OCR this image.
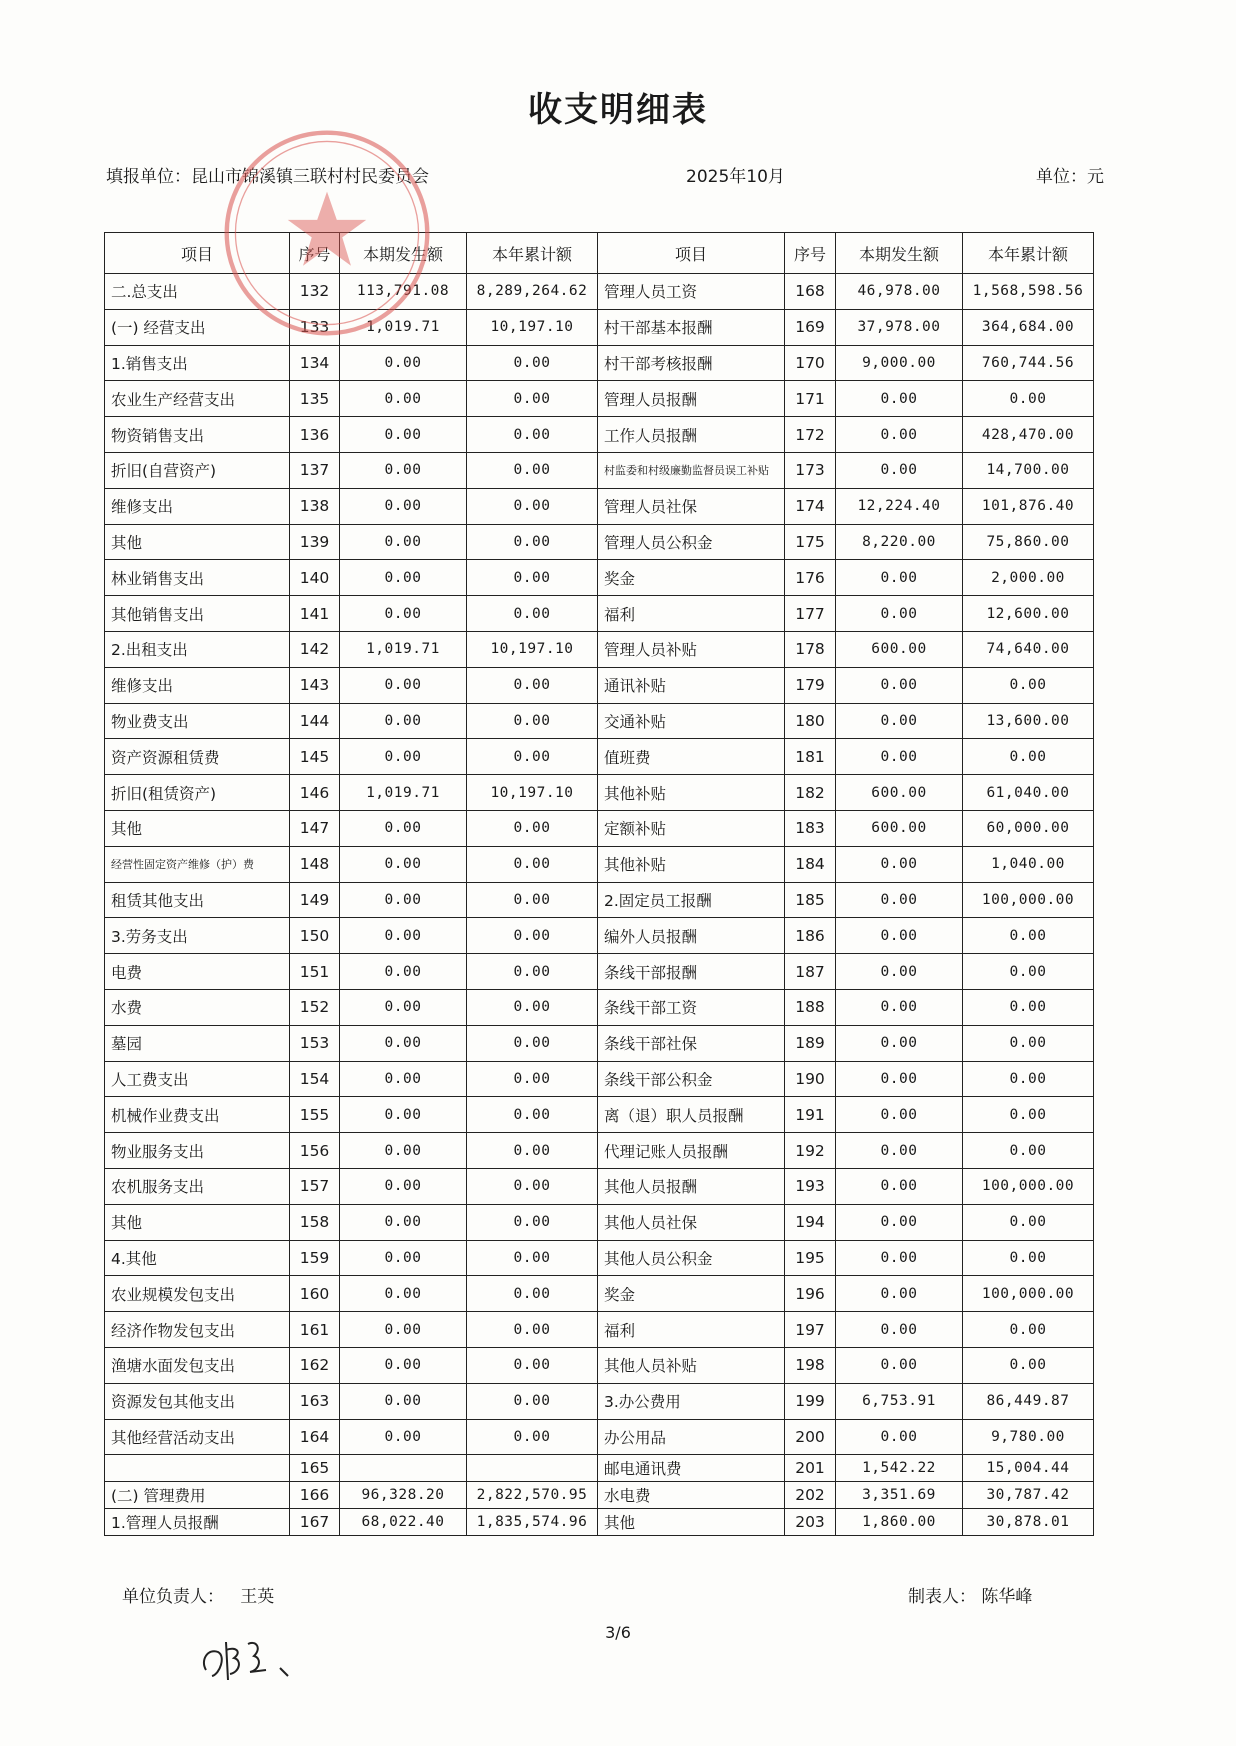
收支明细表
填报单位：昆山市锦溪镇三联村村民委员会	2025年10月	单位：元
项目	序号	本期发生额	本年累计额	项目	序号	本期发生额	本年累计额
二.总支出	132	113,791.08	8,289,264.62	管理人员工资	168	46,978.00	1,568,598.56
(一) 经营支出	133	1,019.71	10,197.10	村干部基本报酬	169	37,978.00	364,684.00
1.销售支出	134	0.00	0.00	村干部考核报酬	170	9,000.00	760,744.56
农业生产经营支出	135	0.00	0.00	管理人员报酬	171	0.00	0.00
物资销售支出	136	0.00	0.00	工作人员报酬	172	0.00	428,470.00
折旧(自营资产)	137	0.00	0.00	村监委和村级廉勤监督员误工补贴	173	0.00	14,700.00
维修支出	138	0.00	0.00	管理人员社保	174	12,224.40	101,876.40
其他	139	0.00	0.00	管理人员公积金	175	8,220.00	75,860.00
林业销售支出	140	0.00	0.00	奖金	176	0.00	2,000.00
其他销售支出	141	0.00	0.00	福利	177	0.00	12,600.00
2.出租支出	142	1,019.71	10,197.10	管理人员补贴	178	600.00	74,640.00
维修支出	143	0.00	0.00	通讯补贴	179	0.00	0.00
物业费支出	144	0.00	0.00	交通补贴	180	0.00	13,600.00
资产资源租赁费	145	0.00	0.00	值班费	181	0.00	0.00
折旧(租赁资产)	146	1,019.71	10,197.10	其他补贴	182	600.00	61,040.00
其他	147	0.00	0.00	定额补贴	183	600.00	60,000.00
经营性固定资产维修（护）费	148	0.00	0.00	其他补贴	184	0.00	1,040.00
租赁其他支出	149	0.00	0.00	2.固定员工报酬	185	0.00	100,000.00
3.劳务支出	150	0.00	0.00	编外人员报酬	186	0.00	0.00
电费	151	0.00	0.00	条线干部报酬	187	0.00	0.00
水费	152	0.00	0.00	条线干部工资	188	0.00	0.00
墓园	153	0.00	0.00	条线干部社保	189	0.00	0.00
人工费支出	154	0.00	0.00	条线干部公积金	190	0.00	0.00
机械作业费支出	155	0.00	0.00	离（退）职人员报酬	191	0.00	0.00
物业服务支出	156	0.00	0.00	代理记账人员报酬	192	0.00	0.00
农机服务支出	157	0.00	0.00	其他人员报酬	193	0.00	100,000.00
其他	158	0.00	0.00	其他人员社保	194	0.00	0.00
4.其他	159	0.00	0.00	其他人员公积金	195	0.00	0.00
农业规模发包支出	160	0.00	0.00	奖金	196	0.00	100,000.00
经济作物发包支出	161	0.00	0.00	福利	197	0.00	0.00
渔塘水面发包支出	162	0.00	0.00	其他人员补贴	198	0.00	0.00
资源发包其他支出	163	0.00	0.00	3.办公费用	199	6,753.91	86,449.87
其他经营活动支出	164	0.00	0.00	办公用品	200	0.00	9,780.00
	165			邮电通讯费	201	1,542.22	15,004.44
(二) 管理费用	166	96,328.20	2,822,570.95	水电费	202	3,351.69	30,787.42
1.管理人员报酬	167	68,022.40	1,835,574.96	其他	203	1,860.00	30,878.01
单位负责人： 王英	制表人： 陈华峰
3/6
